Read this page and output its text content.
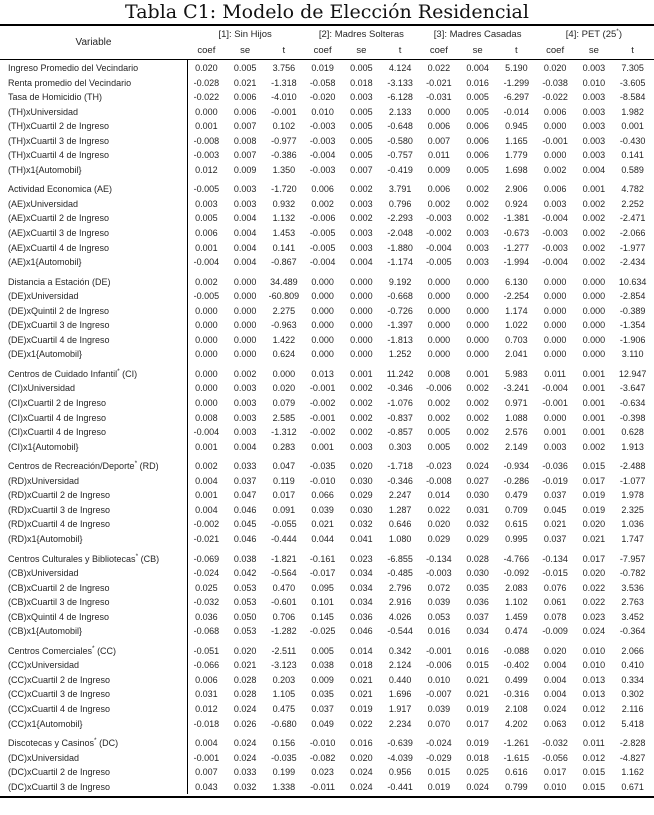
Tabla C1: Modelo de Elección Residencial
Variable
[1]: Sin Hijos	[2]: Madres Solteras	[3]: Madres Casadas	[4]: PET (25*)
coef	se	t	coef	se	t	coef	se	t	coef	se	t
Ingreso Promedio del Vecindario	0.020	0.005	3.756	0.019	0.005	4.124	0.022	0.004	5.190	0.020	0.003	7.305
Renta promedio del Vecindario	-0.028	0.021	-1.318	-0.058	0.018	-3.133	-0.021	0.016	-1.299	-0.038	0.010	-3.605
Tasa de Homicidio (TH)	-0.022	0.006	-4.010	-0.020	0.003	-6.128	-0.031	0.005	-6.297	-0.022	0.003	-8.584
(TH)xUniversidad	0.000	0.006	-0.001	0.010	0.005	2.133	0.000	0.005	-0.014	0.006	0.003	1.982
(TH)xCuartil 2 de Ingreso	0.001	0.007	0.102	-0.003	0.005	-0.648	0.006	0.006	0.945	0.000	0.003	0.001
(TH)xCuartil 3 de Ingreso	-0.008	0.008	-0.977	-0.003	0.005	-0.580	0.007	0.006	1.165	-0.001	0.003	-0.430
(TH)xCuartil 4 de Ingreso	-0.003	0.007	-0.386	-0.004	0.005	-0.757	0.011	0.006	1.779	0.000	0.003	0.141
(TH)x1{Automobil}	0.012	0.009	1.350	-0.003	0.007	-0.419	0.009	0.005	1.698	0.002	0.004	0.589
Actividad Economica (AE)	-0.005	0.003	-1.720	0.006	0.002	3.791	0.006	0.002	2.906	0.006	0.001	4.782
(AE)xUniversidad	0.003	0.003	0.932	0.002	0.003	0.796	0.002	0.002	0.924	0.003	0.002	2.252
(AE)xCuartil 2 de Ingreso	0.005	0.004	1.132	-0.006	0.002	-2.293	-0.003	0.002	-1.381	-0.004	0.002	-2.471
(AE)xCuartil 3 de Ingreso	0.006	0.004	1.453	-0.005	0.003	-2.048	-0.002	0.003	-0.673	-0.003	0.002	-2.066
(AE)xCuartil 4 de Ingreso	0.001	0.004	0.141	-0.005	0.003	-1.880	-0.004	0.003	-1.277	-0.003	0.002	-1.977
(AE)x1{Automobil}	-0.004	0.004	-0.867	-0.004	0.004	-1.174	-0.005	0.003	-1.994	-0.004	0.002	-2.434
Distancia a Estación (DE)	0.002	0.000	34.489	0.000	0.000	9.192	0.000	0.000	6.130	0.000	0.000	10.634
(DE)xUniversidad	-0.005	0.000	-60.809	0.000	0.000	-0.668	0.000	0.000	-2.254	0.000	0.000	-2.854
(DE)xQuintil 2 de Ingreso	0.000	0.000	2.275	0.000	0.000	-0.726	0.000	0.000	1.174	0.000	0.000	-0.389
(DE)xCuartil 3 de Ingreso	0.000	0.000	-0.963	0.000	0.000	-1.397	0.000	0.000	1.022	0.000	0.000	-1.354
(DE)xCuartil 4 de Ingreso	0.000	0.000	1.422	0.000	0.000	-1.813	0.000	0.000	0.703	0.000	0.000	-1.906
(DE)x1{Automobil}	0.000	0.000	0.624	0.000	0.000	1.252	0.000	0.000	2.041	0.000	0.000	3.110
Centros de Cuidado Infantil* (CI)	0.000	0.002	0.000	0.013	0.001	11.242	0.008	0.001	5.983	0.011	0.001	12.947
(CI)xUniversidad	0.000	0.003	0.020	-0.001	0.002	-0.346	-0.006	0.002	-3.241	-0.004	0.001	-3.647
(CI)xCuartil 2 de Ingreso	0.000	0.003	0.079	-0.002	0.002	-1.076	0.002	0.002	0.971	-0.001	0.001	-0.634
(CI)xCuartil 4 de Ingreso	0.008	0.003	2.585	-0.001	0.002	-0.837	0.002	0.002	1.088	0.000	0.001	-0.398
(CI)xCuartil 4 de Ingreso	-0.004	0.003	-1.312	-0.002	0.002	-0.857	0.005	0.002	2.576	0.001	0.001	0.628
(CI)x1{Automobil}	0.001	0.004	0.283	0.001	0.003	0.303	0.005	0.002	2.149	0.003	0.002	1.913
Centros de Recreación/Deporte* (RD)	0.002	0.033	0.047	-0.035	0.020	-1.718	-0.023	0.024	-0.934	-0.036	0.015	-2.488
(RD)xUniversidad	0.004	0.037	0.119	-0.010	0.030	-0.346	-0.008	0.027	-0.286	-0.019	0.017	-1.077
(RD)xCuartil 2 de Ingreso	0.001	0.047	0.017	0.066	0.029	2.247	0.014	0.030	0.479	0.037	0.019	1.978
(RD)xCuartil 3 de Ingreso	0.004	0.046	0.091	0.039	0.030	1.287	0.022	0.031	0.709	0.045	0.019	2.325
(RD)xCuartil 4 de Ingreso	-0.002	0.045	-0.055	0.021	0.032	0.646	0.020	0.032	0.615	0.021	0.020	1.036
(RD)x1{Automobil}	-0.021	0.046	-0.444	0.044	0.041	1.080	0.029	0.029	0.995	0.037	0.021	1.747
Centros Culturales y Bibliotecas* (CB)	-0.069	0.038	-1.821	-0.161	0.023	-6.855	-0.134	0.028	-4.766	-0.134	0.017	-7.957
(CB)xUniversidad	-0.024	0.042	-0.564	-0.017	0.034	-0.485	-0.003	0.030	-0.092	-0.015	0.020	-0.782
(CB)xCuartil 2 de Ingreso	0.025	0.053	0.470	0.095	0.034	2.796	0.072	0.035	2.083	0.076	0.022	3.536
(CB)xCuartil 3 de Ingreso	-0.032	0.053	-0.601	0.101	0.034	2.916	0.039	0.036	1.102	0.061	0.022	2.763
(CB)xQuintil 4 de Ingreso	0.036	0.050	0.706	0.145	0.036	4.026	0.053	0.037	1.459	0.078	0.023	3.452
(CB)x1{Automobil}	-0.068	0.053	-1.282	-0.025	0.046	-0.544	0.016	0.034	0.474	-0.009	0.024	-0.364
Centros Comerciales* (CC)	-0.051	0.020	-2.511	0.005	0.014	0.342	-0.001	0.016	-0.088	0.020	0.010	2.066
(CC)xUniversidad	-0.066	0.021	-3.123	0.038	0.018	2.124	-0.006	0.015	-0.402	0.004	0.010	0.410
(CC)xCuartil 2 de Ingreso	0.006	0.028	0.203	0.009	0.021	0.440	0.010	0.021	0.499	0.004	0.013	0.334
(CC)xCuartil 3 de Ingreso	0.031	0.028	1.105	0.035	0.021	1.696	-0.007	0.021	-0.316	0.004	0.013	0.302
(CC)xCuartil 4 de Ingreso	0.012	0.024	0.475	0.037	0.019	1.917	0.039	0.019	2.108	0.024	0.012	2.116
(CC)x1{Automobil}	-0.018	0.026	-0.680	0.049	0.022	2.234	0.070	0.017	4.202	0.063	0.012	5.418
Discotecas y Casinos* (DC)	0.004	0.024	0.156	-0.010	0.016	-0.639	-0.024	0.019	-1.261	-0.032	0.011	-2.828
(DC)xUniversidad	-0.001	0.024	-0.035	-0.082	0.020	-4.039	-0.029	0.018	-1.615	-0.056	0.012	-4.827
(DC)xCuartil 2 de Ingreso	0.007	0.033	0.199	0.023	0.024	0.956	0.015	0.025	0.616	0.017	0.015	1.162
(DC)xCuartil 3 de Ingreso	0.043	0.032	1.338	-0.011	0.024	-0.441	0.019	0.024	0.799	0.010	0.015	0.671
